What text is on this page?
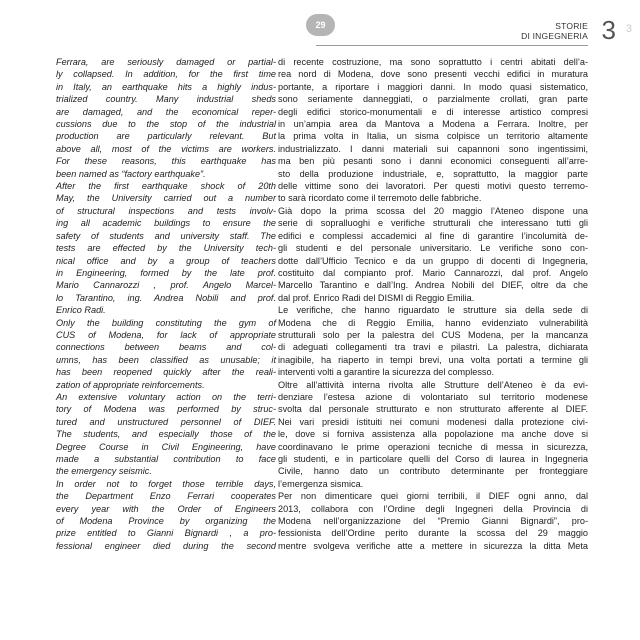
29	STORIE
DI INGEGNERIA 3 3
Ferrara, are seriously damaged or partial-
ly collapsed. In addition, for the first time
in Italy, an earthquake hits a highly indus-
trialized country. Many industrial sheds
are damaged, and the economical reper-
cussions due to the stop of the industrial
production are particularly relevant. But
above all, most of the victims are workers.
For these reasons, this earthquake has
been named as “factory earthquake”.
After the first earthquake shock of 20th
May, the University carried out a number
of structural inspections and tests involv-
ing all academic buildings to ensure the
safety of students and university staff. The
tests are effected by the University tech-
nical office and by a group of teachers
in Engineering, formed by the late prof.
Mario Cannarozzi , prof. Angelo Marcel-
lo Tarantino, ing. Andrea Nobili and prof.
Enrico Radi.
Only the building constituting the gym of
CUS of Modena, for lack of appropriate
connections between beams and col-
umns, has been classified as unusable; it
has been reopened quickly after the reali-
zation of appropriate reinforcements.
An extensive voluntary action on the terri-
tory of Modena was performed by struc-
tured and unstructured personnel of DIEF.
The students, and especially those of the
Degree Course in Civil Engineering, have
made a substantial contribution to face
the emergency seismic.
In order not to forget those terrible days,
the Department Enzo Ferrari cooperates
every year with the Order of Engineers
of Modena Province by organizing the
prize entitled to Gianni Bignardi , a pro-
fessional engineer died during the second
di recente costruzione, ma sono soprattutto i centri abitati dell’a-
rea nord di Modena, dove sono presenti vecchi edifici in muratura
portante, a riportare i maggiori danni. In modo quasi sistematico,
sono seriamente danneggiati, o parzialmente crollati, gran parte
degli edifici storico-monumentali e di interesse artistico compresi
in un’ampia area da Mantova a Modena a Ferrara. Inoltre, per
la prima volta in Italia, un sisma colpisce un territorio altamente
industrializzato. I danni materiali sui capannoni sono ingentissimi,
ma ben più pesanti sono i danni economici conseguenti all’arre-
sto della produzione industriale, e, soprattutto, la maggior parte
delle vittime sono dei lavoratori. Per questi motivi questo terremo-
to sarà ricordato come il terremoto delle fabbriche.
Già dopo la prima scossa del 20 maggio l’Ateneo dispone una
serie di sopralluoghi e verifiche strutturali che interessano tutti gli
edifici e complessi accademici al fine di garantire l’incolumità de-
gli studenti e del personale universitario. Le verifiche sono con-
dotte dall’Ufficio Tecnico e da un gruppo di docenti di Ingegneria,
costituito dal compianto prof. Mario Cannarozzi, dal prof. Angelo
Marcello Tarantino e dall’Ing. Andrea Nobili del DIEF, oltre da che
dal prof. Enrico Radi del DISMI di Reggio Emilia.
Le verifiche, che hanno riguardato le strutture sia della sede di
Modena che di Reggio Emilia, hanno evidenziato vulnerabilità
strutturali solo per la palestra del CUS Modena, per la mancanza
di adeguati collegamenti tra travi e pilastri. La palestra, dichiarata
inagibile, ha riaperto in tempi brevi, una volta portati a termine gli
interventi volti a garantire la sicurezza del complesso.
Oltre all’attività interna rivolta alle Strutture dell’Ateneo è da evi-
denziare l’estesa azione di volontariato sul territorio modenese
svolta dal personale strutturato e non strutturato afferente al DIEF.
Nei vari presidi istituiti nei comuni modenesi dalla protezione civi-
le, dove si forniva assistenza alla popolazione ma anche dove si
coordinavano le prime operazioni tecniche di messa in sicurezza,
gli studenti, e in particolare quelli del Corso di laurea in Ingegneria
Civile, hanno dato un contributo determinante per fronteggiare
l’emergenza sismica.
Per non dimenticare quei giorni terribili, il DIEF ogni anno, dal
2013, collabora con l’Ordine degli Ingegneri della Provincia di
Modena nell’organizzazione del “Premio Gianni Bignardi”, pro-
fessionista dell’Ordine perito durante la scossa del 29 maggio
mentre svolgeva verifiche atte a mettere in sicurezza la ditta Meta
